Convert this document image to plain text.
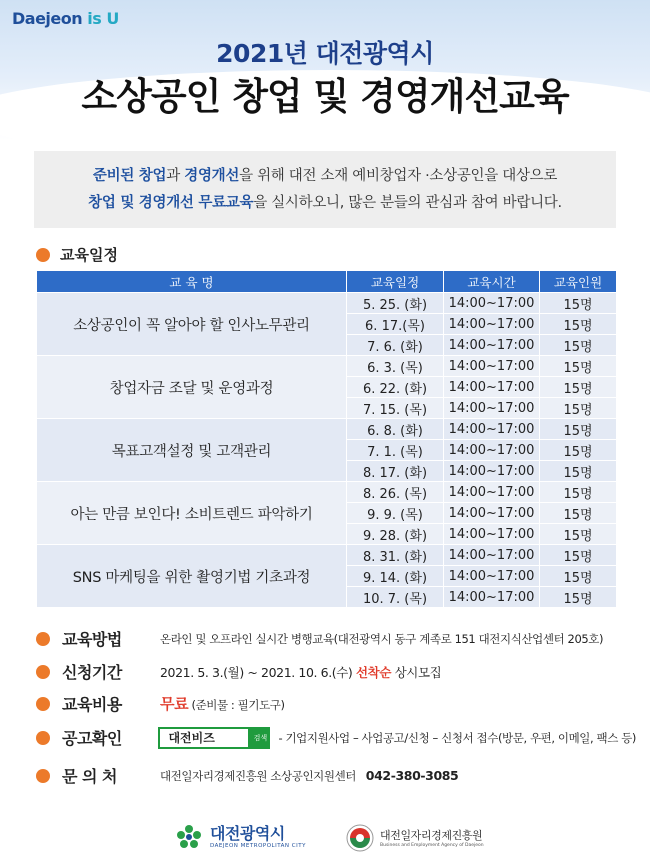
Daejeon is U
2021년 대전광역시
소상공인 창업 및 경영개선교육
준비된 창업과 경영개선을 위해 대전 소재 예비창업자 ·소상공인을 대상으로
창업 및 경영개선 무료교육을 실시하오니, 많은 분들의 관심과 참여 바랍니다.
교육일정
교 육 명	교육일정	교육시간	교육인원
소상공인이 꼭 알아야 할 인사노무관리	5. 25. (화)	14:00~17:00	15명
	6. 17.(목)	14:00~17:00	15명
	7. 6. (화)	14:00~17:00	15명
창업자금 조달 및 운영과정	6. 3. (목)	14:00~17:00	15명
	6. 22. (화)	14:00~17:00	15명
	7. 15. (목)	14:00~17:00	15명
목표고객설정 및 고객관리	6. 8. (화)	14:00~17:00	15명
	7. 1. (목)	14:00~17:00	15명
	8. 17. (화)	14:00~17:00	15명
아는 만큼 보인다! 소비트렌드 파악하기	8. 26. (목)	14:00~17:00	15명
	9. 9. (목)	14:00~17:00	15명
	9. 28. (화)	14:00~17:00	15명
SNS 마케팅을 위한 촬영기법 기초과정	8. 31. (화)	14:00~17:00	15명
	9. 14. (화)	14:00~17:00	15명
	10. 7. (목)	14:00~17:00	15명
교육방법	온라인 및 오프라인 실시간 병행교육(대전광역시 동구 계족로 151 대전지식산업센터 205호)
신청기간	2021. 5. 3.(월) ~ 2021. 10. 6.(수) 선착순 상시모집
교육비용	무료 (준비물 : 필기도구)
공고확인	대전비즈	검색 - 기업지원사업 – 사업공고/신청 – 신청서 접수(방문, 우편, 이메일, 팩스 등)
문 의 처	대전일자리경제진흥원 소상공인지원센터 042-380-3085
대전광역시
DAEJEON METROPOLITAN CITY
대전일자리경제진흥원
Business and Employment Agency of Daejeon
